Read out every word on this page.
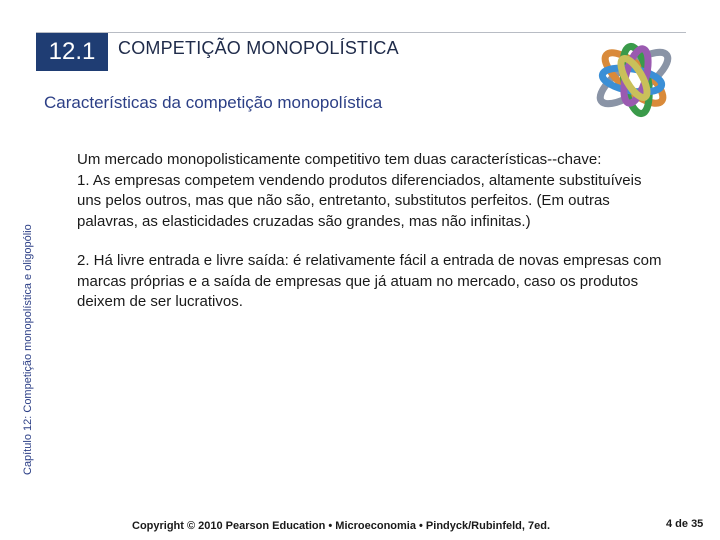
12.1	COMPETIÇÃO MONOPOLÍSTICA
Características da competição monopolística
Capítulo 12: Competição monopolística e oligopólio

Um mercado monopolisticamente competitivo tem duas características--chave:

1. As empresas competem vendendo produtos diferenciados, altamente substituíveis uns pelos outros, mas que não são, entretanto, substitutos perfeitos. (Em outras palavras, as elasticidades cruzadas são grandes, mas não infinitas.)

2. Há livre entrada e livre saída: é relativamente fácil a entrada de novas empresas com marcas próprias e a saída de empresas que já atuam no mercado, caso os produtos deixem de ser lucrativos.

Copyright © 2010 Pearson Education • Microeconomia • Pindyck/Rubinfeld, 7ed.	4 de 35
